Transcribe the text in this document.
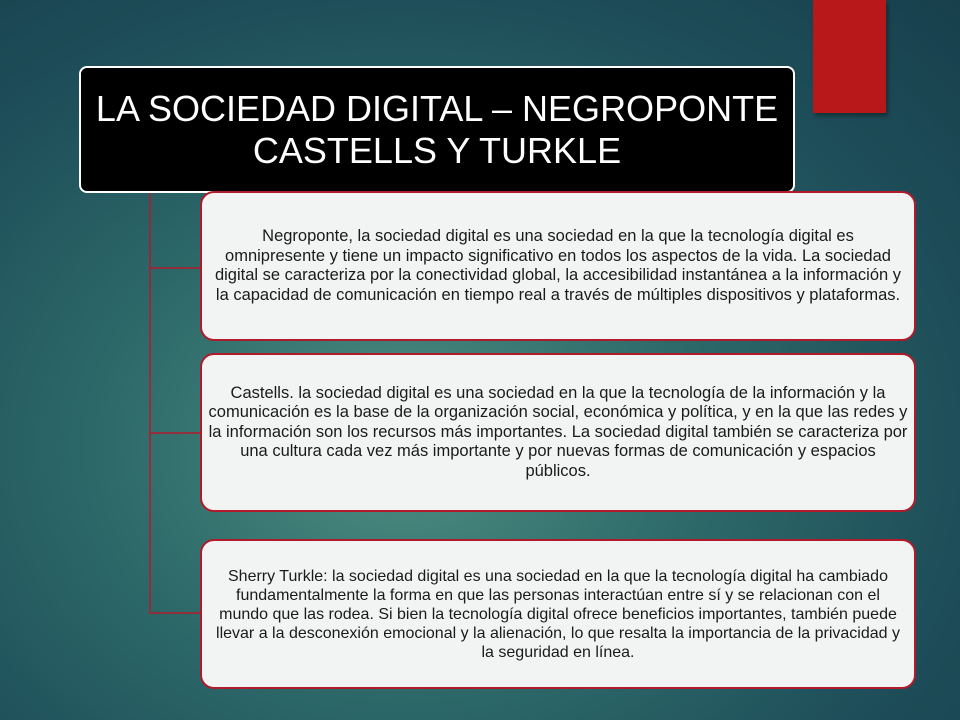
LA SOCIEDAD DIGITAL – NEGROPONTE CASTELLS Y TURKLE
Negroponte, la sociedad digital es una sociedad en la que la tecnología digital es omnipresente y tiene un impacto significativo en todos los aspectos de la vida. La sociedad digital se caracteriza por la conectividad global, la accesibilidad instantánea a la información y la capacidad de comunicación en tiempo real a través de múltiples dispositivos y plataformas.
Castells. la sociedad digital es una sociedad en la que la tecnología de la información y la comunicación es la base de la organización social, económica y política, y en la que las redes y la información son los recursos más importantes. La sociedad digital también se caracteriza por una cultura cada vez más importante y por nuevas formas de comunicación y espacios públicos.
Sherry Turkle: la sociedad digital es una sociedad en la que la tecnología digital ha cambiado fundamentalmente la forma en que las personas interactúan entre sí y se relacionan con el mundo que las rodea. Si bien la tecnología digital ofrece beneficios importantes, también puede llevar a la desconexión emocional y la alienación, lo que resalta la importancia de la privacidad y la seguridad en línea.
